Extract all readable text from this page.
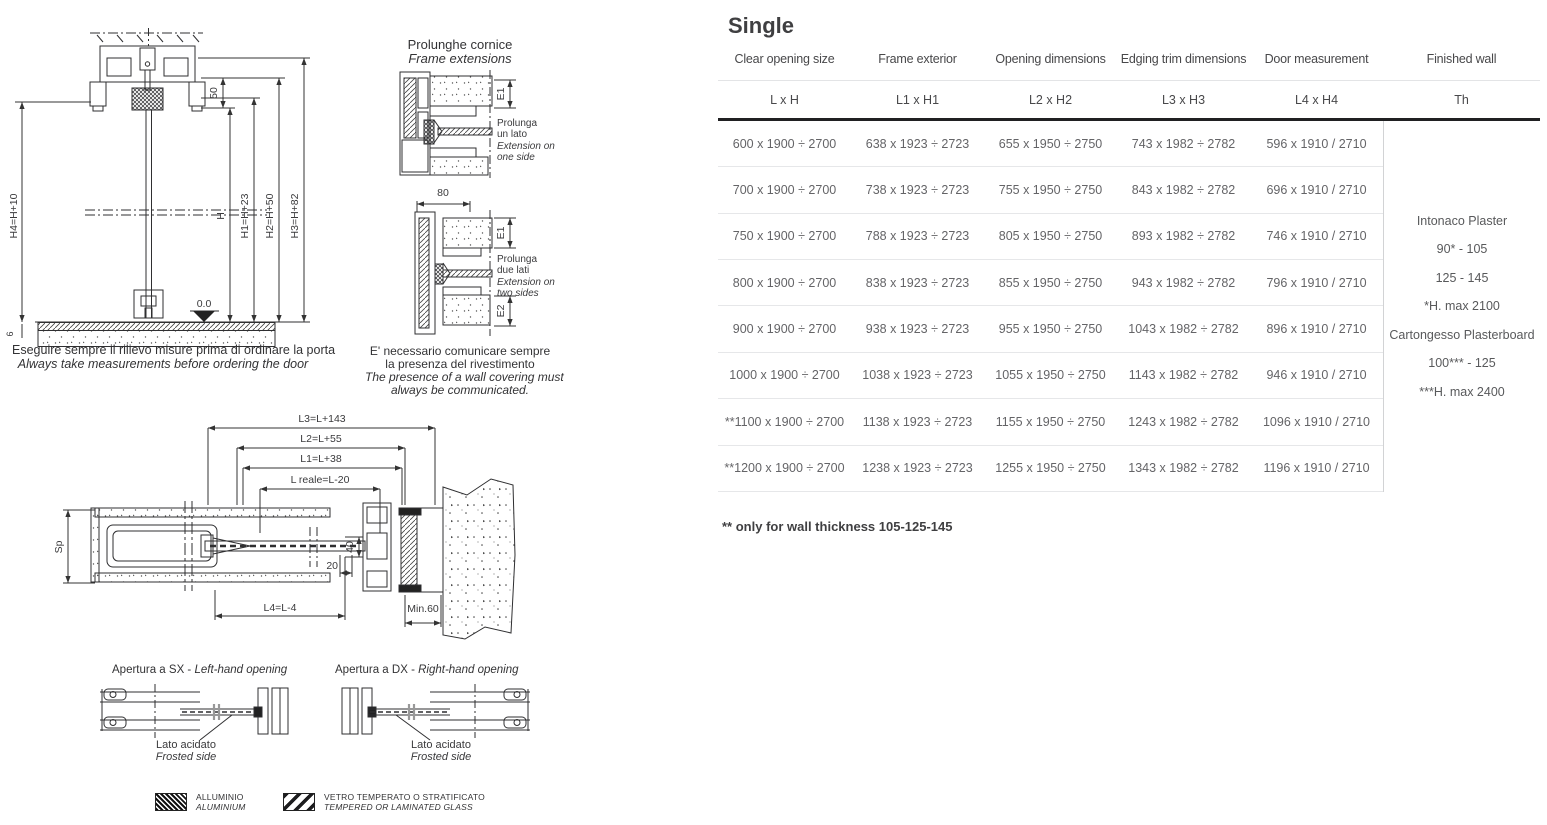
0.0
H4=H+10
6
50
H H1=H+23 H2=H+50 H3=H+82
Eseguire sempre il rilievo misure prima di ordinare la porta
Always take measurements before ordering the door
Prolunghe cornice
Frame extensions
E1
Prolunga
un lato
Extension on
one side
80
E1
E2
Prolunga
due lati
Extension on
two sides
E' necessario comunicare sempre
la presenza del rivestimento
The presence of a wall covering must
always be communicated.
L3=L+143
L2=L+55
L1=L+38
L reale=L-20
L4=L-4	Min.60
20
40
Sp
Apertura a SX - Left-hand opening	Apertura a DX - Right-hand opening
Lato acidato
Frosted side
Lato acidato
Frosted side
ALLUMINIO
ALUMINIUM
VETRO TEMPERATO O STRATIFICATO
TEMPERED OR LAMINATED GLASS
Single
Clear opening size	Frame exterior	Opening dimensions	Edging trim dimensions	Door measurement	Finished wall
L x H	L1 x H1	L2 x H2	L3 x H3	L4 x H4	Th
600 x 1900 ÷ 2700	638 x 1923 ÷ 2723	655 x 1950 ÷ 2750	743 x 1982 ÷ 2782	596 x 1910 / 2710
700 x 1900 ÷ 2700	738 x 1923 ÷ 2723	755 x 1950 ÷ 2750	843 x 1982 ÷ 2782	696 x 1910 / 2710
750 x 1900 ÷ 2700	788 x 1923 ÷ 2723	805 x 1950 ÷ 2750	893 x 1982 ÷ 2782	746 x 1910 / 2710
800 x 1900 ÷ 2700	838 x 1923 ÷ 2723	855 x 1950 ÷ 2750	943 x 1982 ÷ 2782	796 x 1910 / 2710
900 x 1900 ÷ 2700	938 x 1923 ÷ 2723	955 x 1950 ÷ 2750	1043 x 1982 ÷ 2782	896 x 1910 / 2710
1000 x 1900 ÷ 2700	1038 x 1923 ÷ 2723	1055 x 1950 ÷ 2750	1143 x 1982 ÷ 2782	946 x 1910 / 2710
**1100 x 1900 ÷ 2700	1138 x 1923 ÷ 2723	1155 x 1950 ÷ 2750	1243 x 1982 ÷ 2782	1096 x 1910 / 2710
**1200 x 1900 ÷ 2700	1238 x 1923 ÷ 2723	1255 x 1950 ÷ 2750	1343 x 1982 ÷ 2782	1196 x 1910 / 2710
Intonaco Plaster
90* - 105
125 - 145
*H. max 2100
Cartongesso Plasterboard
100*** - 125
***H. max 2400
** only for wall thickness 105-125-145
